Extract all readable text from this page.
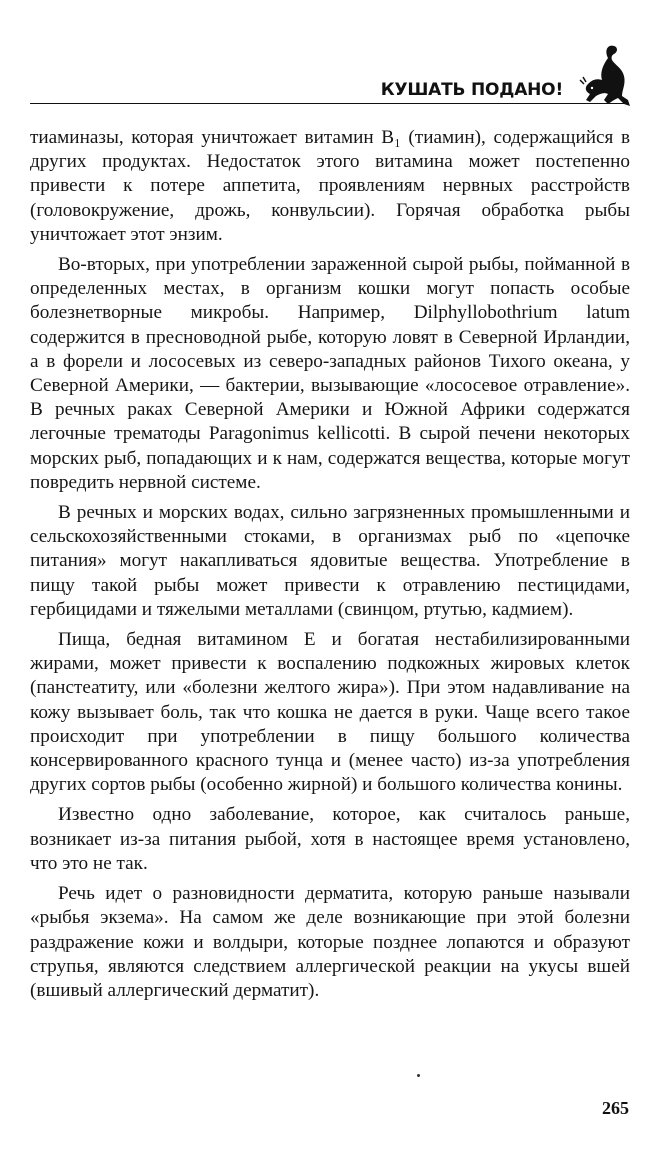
КУШАТЬ ПОДАНО!

тиаминазы, которая уничтожает витамин B₁ (тиамин), содержащийся в других продуктах. Недостаток этого витамина может постепенно привести к потере аппетита, проявлениям нервных расстройств (головокружение, дрожь, конвульсии). Горячая обработка рыбы уничтожает этот энзим.

Во-вторых, при употреблении зараженной сырой рыбы, пойманной в определенных местах, в организм кошки могут попасть особые болезнетворные микробы. Например, Dilphyllobothrium latum содержится в пресноводной рыбе, которую ловят в Северной Ирландии, а в форели и лососевых из северо-западных районов Тихого океана, у Северной Америки, — бактерии, вызывающие «лососевое отравление». В речных раках Северной Америки и Южной Африки содержатся легочные трематоды Paragonimus kellicotti. В сырой печени некоторых морских рыб, попадающих и к нам, содержатся вещества, которые могут повредить нервной системе.

В речных и морских водах, сильно загрязненных промышленными и сельскохозяйственными стоками, в организмах рыб по «цепочке питания» могут накапливаться ядовитые вещества. Употребление в пищу такой рыбы может привести к отравлению пестицидами, гербицидами и тяжелыми металлами (свинцом, ртутью, кадмием).

Пища, бедная витамином Е и богатая нестабилизированными жирами, может привести к воспалению подкожных жировых клеток (панстеатиту, или «болезни желтого жира»). При этом надавливание на кожу вызывает боль, так что кошка не дается в руки. Чаще всего такое происходит при употреблении в пищу большого количества консервированного красного тунца и (менее часто) из-за употребления других сортов рыбы (особенно жирной) и большого количества конины.

Известно одно заболевание, которое, как считалось раньше, возникает из-за питания рыбой, хотя в настоящее время установлено, что это не так.

Речь идет о разновидности дерматита, которую раньше называли «рыбья экзема». На самом же деле возникающие при этой болезни раздражение кожи и волдыри, которые позднее лопаются и образуют струпья, являются следствием аллергической реакции на укусы вшей (вшивый аллергический дерматит).

265
